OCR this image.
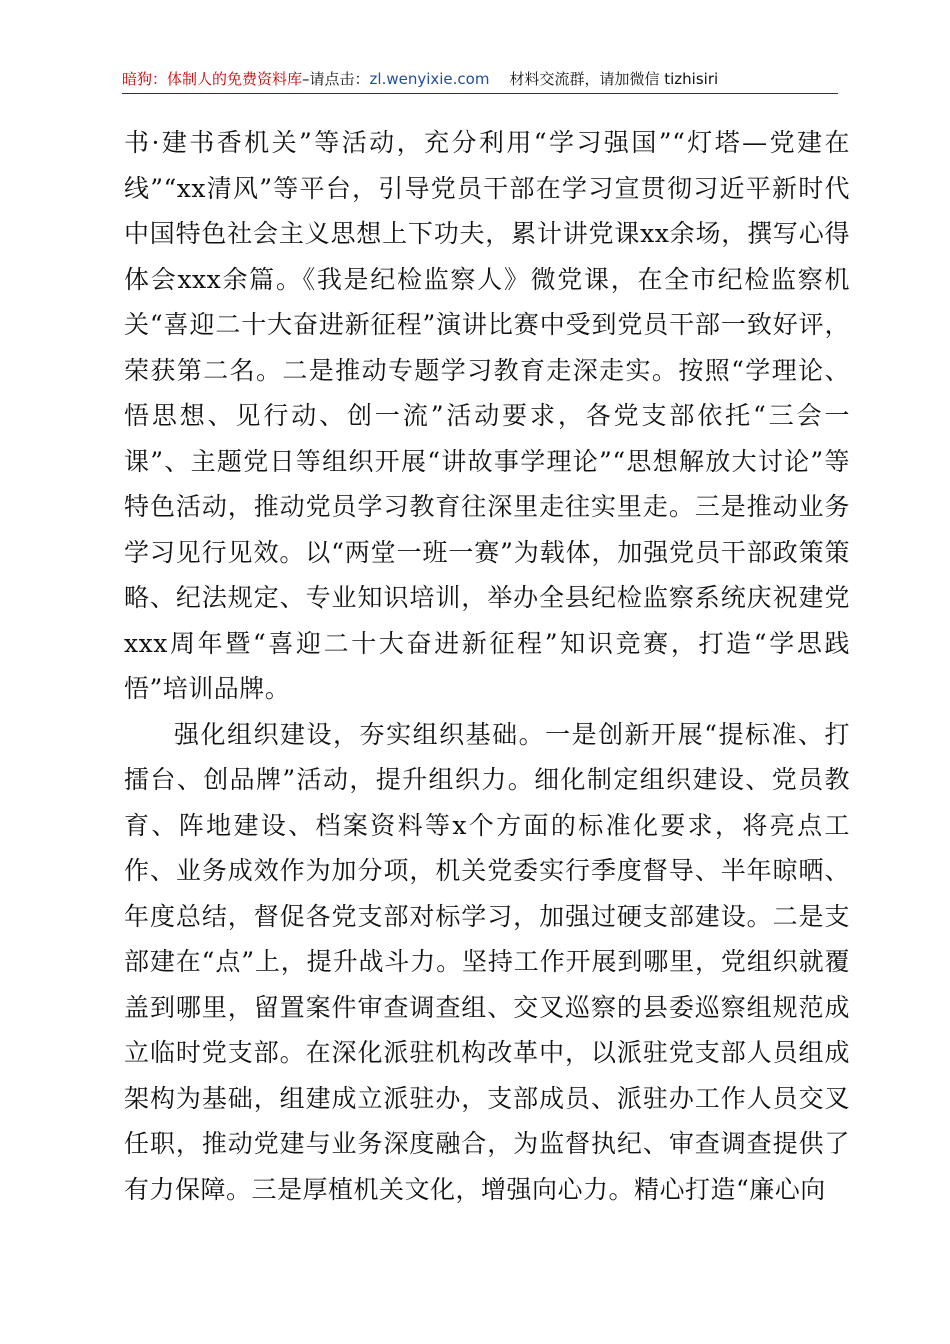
暗狗：体制人的免费资料库–请点击：zl.wenyixie.com 材料交流群，请加微信 tizhisiri

书·建书香机关”等活动，充分利用“学习强国”“灯塔—党建在线”“xx清风”等平台，引导党员干部在学习宣贯彻习近平新时代中国特色社会主义思想上下功夫，累计讲党课xx余场，撰写心得体会xxx余篇。《我是纪检监察人》微党课，在全市纪检监察机关“喜迎二十大奋进新征程”演讲比赛中受到党员干部一致好评，荣获第二名。二是推动专题学习教育走深走实。按照“学理论、悟思想、见行动、创一流”活动要求，各党支部依托“三会一课”、主题党日等组织开展“讲故事学理论”“思想解放大讨论”等特色活动，推动党员学习教育往深里走往实里走。三是推动业务学习见行见效。以“两堂一班一赛”为载体，加强党员干部政策策略、纪法规定、专业知识培训，举办全县纪检监察系统庆祝建党xxx周年暨“喜迎二十大奋进新征程”知识竞赛，打造“学思践悟”培训品牌。

强化组织建设，夯实组织基础。一是创新开展“提标准、打擂台、创品牌”活动，提升组织力。细化制定组织建设、党员教育、阵地建设、档案资料等x个方面的标准化要求，将亮点工作、业务成效作为加分项，机关党委实行季度督导、半年晾晒、年度总结，督促各党支部对标学习，加强过硬支部建设。二是支部建在“点”上，提升战斗力。坚持工作开展到哪里，党组织就覆盖到哪里，留置案件审查调查组、交叉巡察的县委巡察组规范成立临时党支部。在深化派驻机构改革中，以派驻党支部人员组成架构为基础，组建成立派驻办，支部成员、派驻办工作人员交叉任职，推动党建与业务深度融合，为监督执纪、审查调查提供了有力保障。三是厚植机关文化，增强向心力。精心打造“廉心向
